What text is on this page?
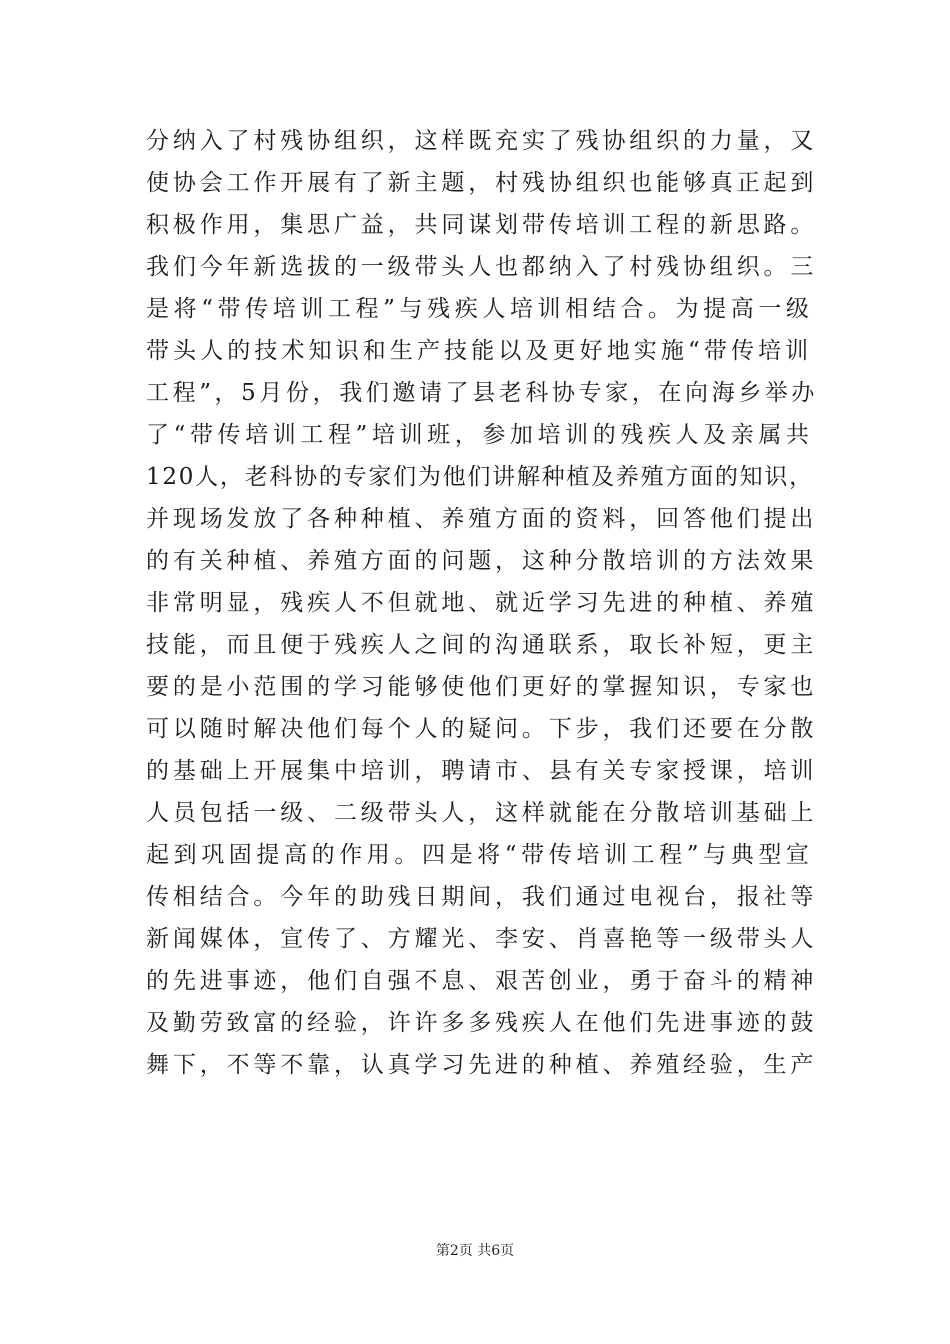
分纳入了村残协组织，这样既充实了残协组织的力量，又
使协会工作开展有了新主题，村残协组织也能够真正起到
积极作用，集思广益，共同谋划带传培训工程的新思路。
我们今年新选拔的一级带头人也都纳入了村残协组织。三
是将“带传培训工程”与残疾人培训相结合。为提高一级
带头人的技术知识和生产技能以及更好地实施“带传培训
工程”，5月份，我们邀请了县老科协专家，在向海乡举办
了“带传培训工程”培训班，参加培训的残疾人及亲属共
120人，老科协的专家们为他们讲解种植及养殖方面的知识，
并现场发放了各种种植、养殖方面的资料，回答他们提出
的有关种植、养殖方面的问题，这种分散培训的方法效果
非常明显，残疾人不但就地、就近学习先进的种植、养殖
技能，而且便于残疾人之间的沟通联系，取长补短，更主
要的是小范围的学习能够使他们更好的掌握知识，专家也
可以随时解决他们每个人的疑问。下步，我们还要在分散
的基础上开展集中培训，聘请市、县有关专家授课，培训
人员包括一级、二级带头人，这样就能在分散培训基础上
起到巩固提高的作用。四是将“带传培训工程”与典型宣
传相结合。今年的助残日期间，我们通过电视台，报社等
新闻媒体，宣传了、方耀光、李安、肖喜艳等一级带头人
的先进事迹，他们自强不息、艰苦创业，勇于奋斗的精神
及勤劳致富的经验，许许多多残疾人在他们先进事迹的鼓
舞下，不等不靠，认真学习先进的种植、养殖经验，生产
第2页 共6页
